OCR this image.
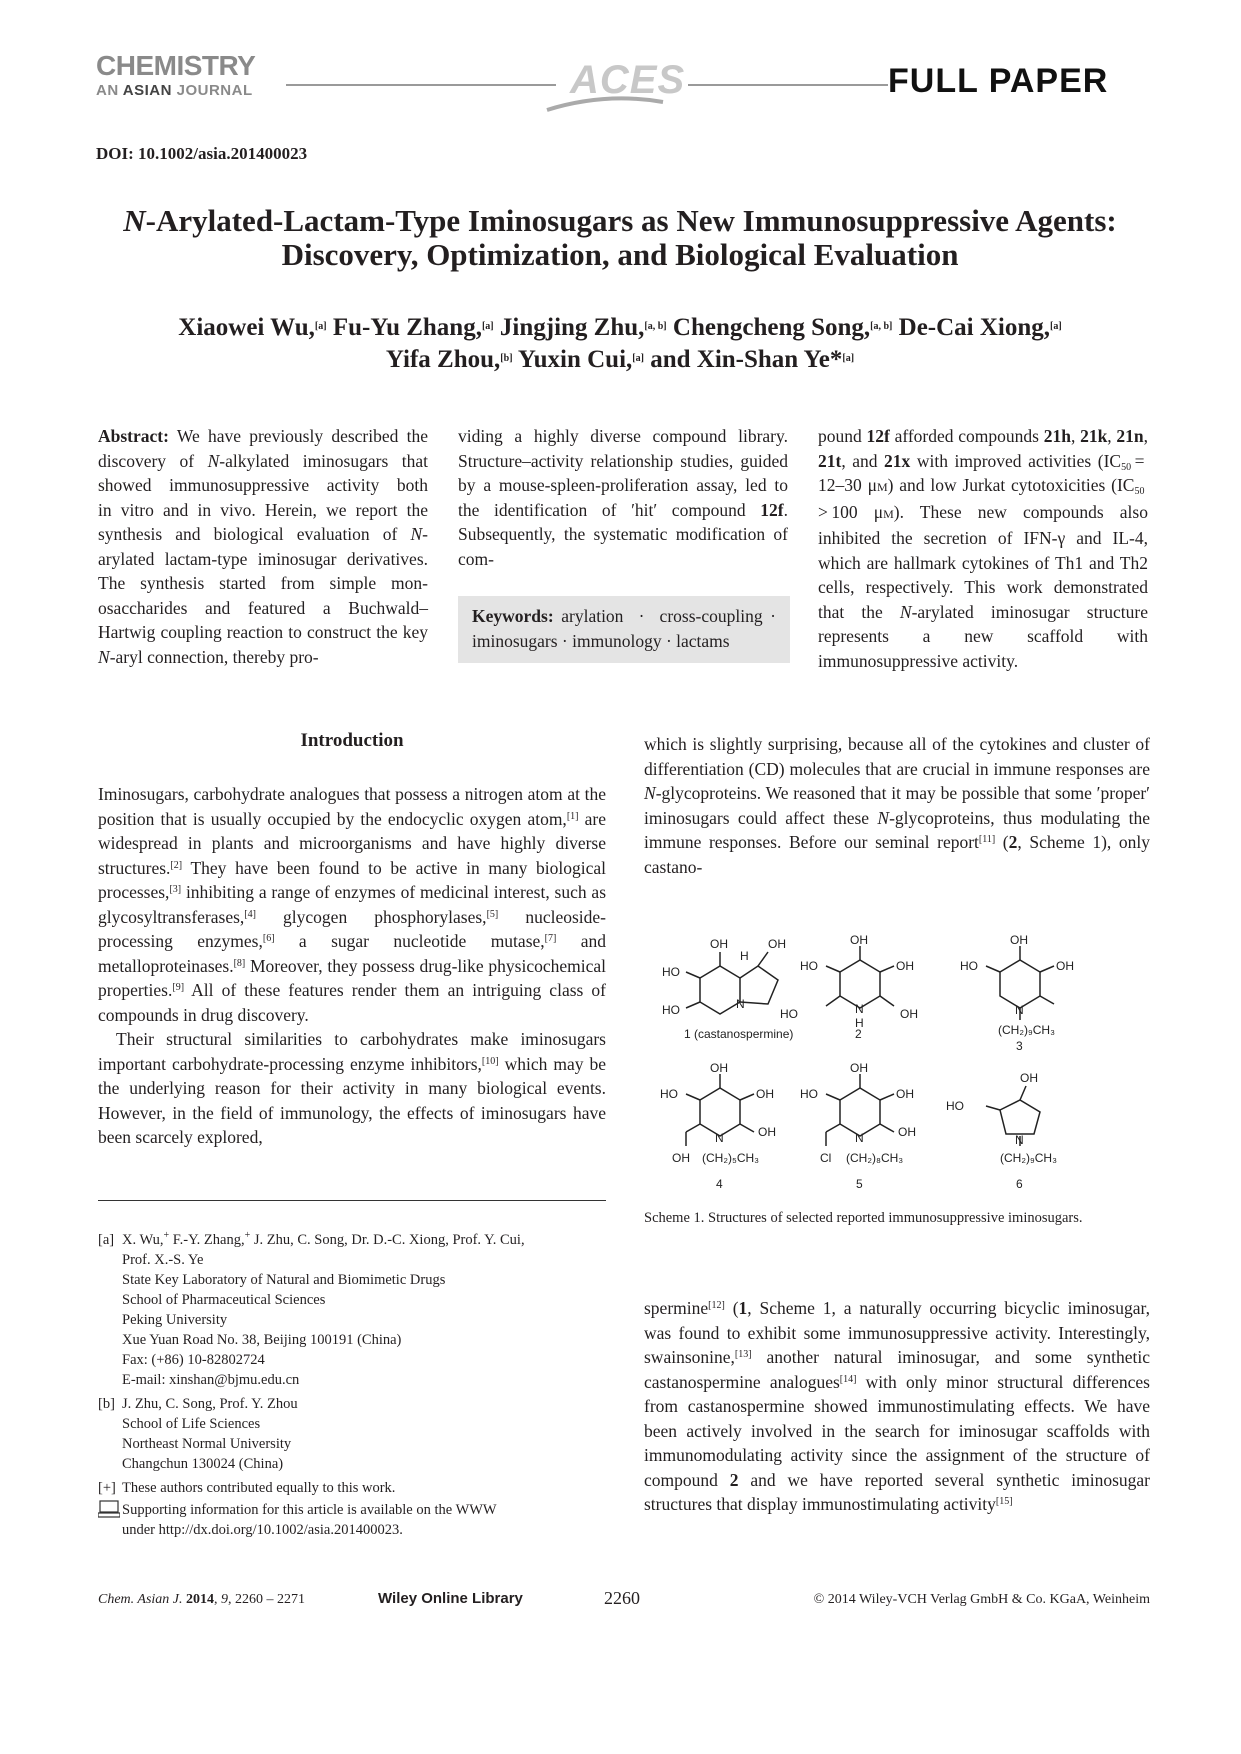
CHEMISTRY
AN ASIAN JOURNAL	ACES	FULL PAPER
DOI: 10.1002/asia.201400023
N-Arylated-Lactam-Type Iminosugars as New Immunosuppressive Agents:
Discovery, Optimization, and Biological Evaluation
Xiaowei Wu,[a] Fu-Yu Zhang,[a] Jingjing Zhu,[a, b] Chengcheng Song,[a, b] De-Cai Xiong,[a]
Yifa Zhou,[b] Yuxin Cui,[a] and Xin-Shan Ye*[a]
Abstract: We have previously described the discovery of N-alkylated iminosugars that showed immunosuppressive activity both in vitro and in vivo. Herein, we report the synthesis and biological evaluation of N-arylated lactam-type iminosugar derivatives. The synthesis started from simple monosaccharides and featured a Buchwald–Hartwig coupling reaction to construct the key N-aryl connection, thereby pro-
viding a highly diverse compound library. Structure–activity relationship studies, guided by a mouse-spleen-proliferation assay, led to the identification of ′hit′ compound 12f. Subsequently, the systematic modification of com-
Keywords: arylation  ·  cross-coupling · iminosugars · immunology · lactams
pound 12f afforded compounds 21h, 21k, 21n, 21t, and 21x with improved activities ($IC_{50} = 12-30$ μM) and low Jurkat cytotoxicities ($IC_{50} > 100$ μM). These new compounds also inhibited the secretion of IFN-γ and IL-4, which are hallmark cytokines of Th1 and Th2 cells, respectively. This work demonstrated that the N-arylated iminosugar structure represents a new scaffold with immunosuppressive activity.
Introduction

Iminosugars, carbohydrate analogues that possess a nitrogen atom at the position that is usually occupied by the endocyclic oxygen atom,[1] are widespread in plants and microorganisms and have highly diverse structures.[2] They have been found to be active in many biological processes,[3] inhibiting a range of enzymes of medicinal interest, such as glycosyltransferases,[4] glycogen phosphorylases,[5] nucleoside-processing enzymes,[6] a sugar nucleotide mutase,[7] and metalloproteinases.[8] Moreover, they possess drug-like physicochemical properties.[9] All of these features render them an intriguing class of compounds in drug discovery.

Their structural similarities to carbohydrates make iminosugars important carbohydrate-processing enzyme inhibitors,[10] which may be the underlying reason for their activity in many biological events. However, in the field of immunology, the effects of iminosugars have been scarcely explored,

[a] X. Wu,+ F.-Y. Zhang,+ J. Zhu, C. Song, Dr. D.-C. Xiong, Prof. Y. Cui,
Prof. X.-S. Ye
State Key Laboratory of Natural and Biomimetic Drugs
School of Pharmaceutical Sciences
Peking University
Xue Yuan Road No. 38, Beijing 100191 (China)
Fax: (+86) 10-82802724
E-mail: xinshan@bjmu.edu.cn
[b] J. Zhu, C. Song, Prof. Y. Zhou
School of Life Sciences
Northeast Normal University
Changchun 130024 (China)
[+] These authors contributed equally to this work.
Supporting information for this article is available on the WWW
under http://dx.doi.org/10.1002/asia.201400023.
which is slightly surprising, because all of the cytokines and cluster of differentiation (CD) molecules that are crucial in immune responses are N-glycoproteins. We reasoned that it may be possible that some ′proper′ iminosugars could affect these N-glycoproteins, thus modulating the immune responses. Before our seminal report[11] (2, Scheme 1), only castano-
HO
HO
OH
H
OH
N
1 (castanospermine)
OH
HO	OH
HO	OH
N
H
2
OH
HO	OH
N
(CH₂)₉CH₃
3
OH
HO	OH
OH
N
OH (CH₂)₅CH₃
4
OH
HO	OH
OH
N
Cl (CH₂)₈CH₃
5
HO
OH
N
(CH₂)₉CH₃
6
Scheme 1. Structures of selected reported immunosuppressive iminosugars.
spermine[12] (1, Scheme 1, a naturally occurring bicyclic iminosugar, was found to exhibit some immunosuppressive activity. Interestingly, swainsonine,[13] another natural iminosugar, and some synthetic castanospermine analogues[14] with only minor structural differences from castanospermine showed immunostimulating effects. We have been actively involved in the search for iminosugar scaffolds with immunomodulating activity since the assignment of the structure of compound 2 and we have reported several synthetic iminosugar structures that display immunostimulating activity[15]
Chem. Asian J. 2014, 9, 2260 – 2271	Wiley Online Library	2260	© 2014 Wiley-VCH Verlag GmbH & Co. KGaA, Weinheim
